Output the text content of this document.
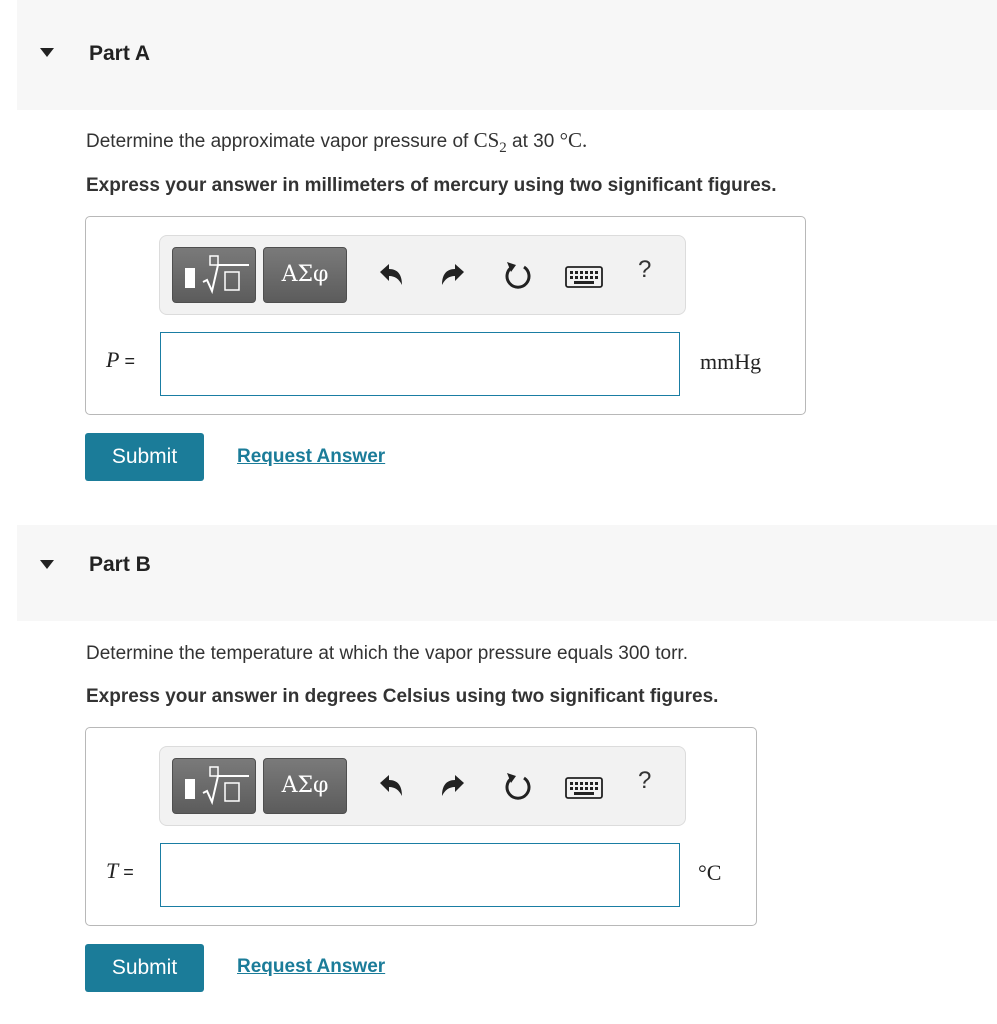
Part A
Determine the approximate vapor pressure of $CS_2$ at 30 °C.
Express your answer in millimeters of mercury using two significant figures.
ΑΣφ	?
P =	mmHg
Submit	Request Answer
Part B
Determine the temperature at which the vapor pressure equals 300 torr.
Express your answer in degrees Celsius using two significant figures.
ΑΣφ	?
T =	°C
Submit	Request Answer
